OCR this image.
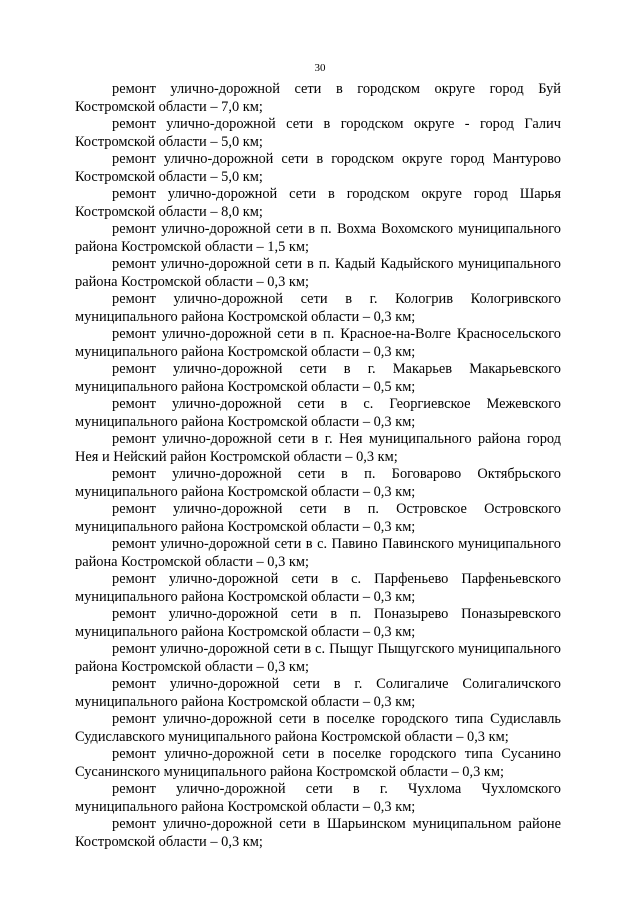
30

ремонт улично-дорожной сети в городском округе город Буй Костромской области – 7,0 км;

ремонт улично-дорожной сети в городском округе - город Галич Костромской области – 5,0 км;

ремонт улично-дорожной сети в городском округе город Мантурово Костромской области – 5,0 км;

ремонт улично-дорожной сети в городском округе город Шарья Костромской области – 8,0 км;

ремонт улично-дорожной сети в п. Вохма Вохомского муниципального района Костромской области – 1,5 км;

ремонт улично-дорожной сети в п. Кадый Кадыйского муниципального района Костромской области – 0,3 км;

ремонт улично-дорожной сети в г. Кологрив Кологривского муниципального района Костромской области – 0,3 км;

ремонт улично-дорожной сети в п. Красное-на-Волге Красносельского муниципального района Костромской области – 0,3 км;

ремонт улично-дорожной сети в г. Макарьев Макарьевского муниципального района Костромской области – 0,5 км;

ремонт улично-дорожной сети в с. Георгиевское Межевского муниципального района Костромской области – 0,3 км;

ремонт улично-дорожной сети в г. Нея муниципального района город Нея и Нейский район Костромской области – 0,3 км;

ремонт улично-дорожной сети в п. Боговарово Октябрьского муниципального района Костромской области – 0,3 км;

ремонт улично-дорожной сети в п. Островское Островского муниципального района Костромской области – 0,3 км;

ремонт улично-дорожной сети в с. Павино Павинского муниципального района Костромской области – 0,3 км;

ремонт улично-дорожной сети в с. Парфеньево Парфеньевского муниципального района Костромской области – 0,3 км;

ремонт улично-дорожной сети в п. Поназырево Поназыревского муниципального района Костромской области – 0,3 км;

ремонт улично-дорожной сети в с. Пыщуг Пыщугского муниципального района Костромской области – 0,3 км;

ремонт улично-дорожной сети в г. Солигаличе Солигаличского муниципального района Костромской области – 0,3 км;

ремонт улично-дорожной сети в поселке городского типа Судиславль Судиславского муниципального района Костромской области – 0,3 км;

ремонт улично-дорожной сети в поселке городского типа Сусанино Сусанинского муниципального района Костромской области – 0,3 км;

ремонт улично-дорожной сети в г. Чухлома Чухломского муниципального района Костромской области – 0,3 км;

ремонт улично-дорожной сети в Шарьинском муниципальном районе Костромской области – 0,3 км;
